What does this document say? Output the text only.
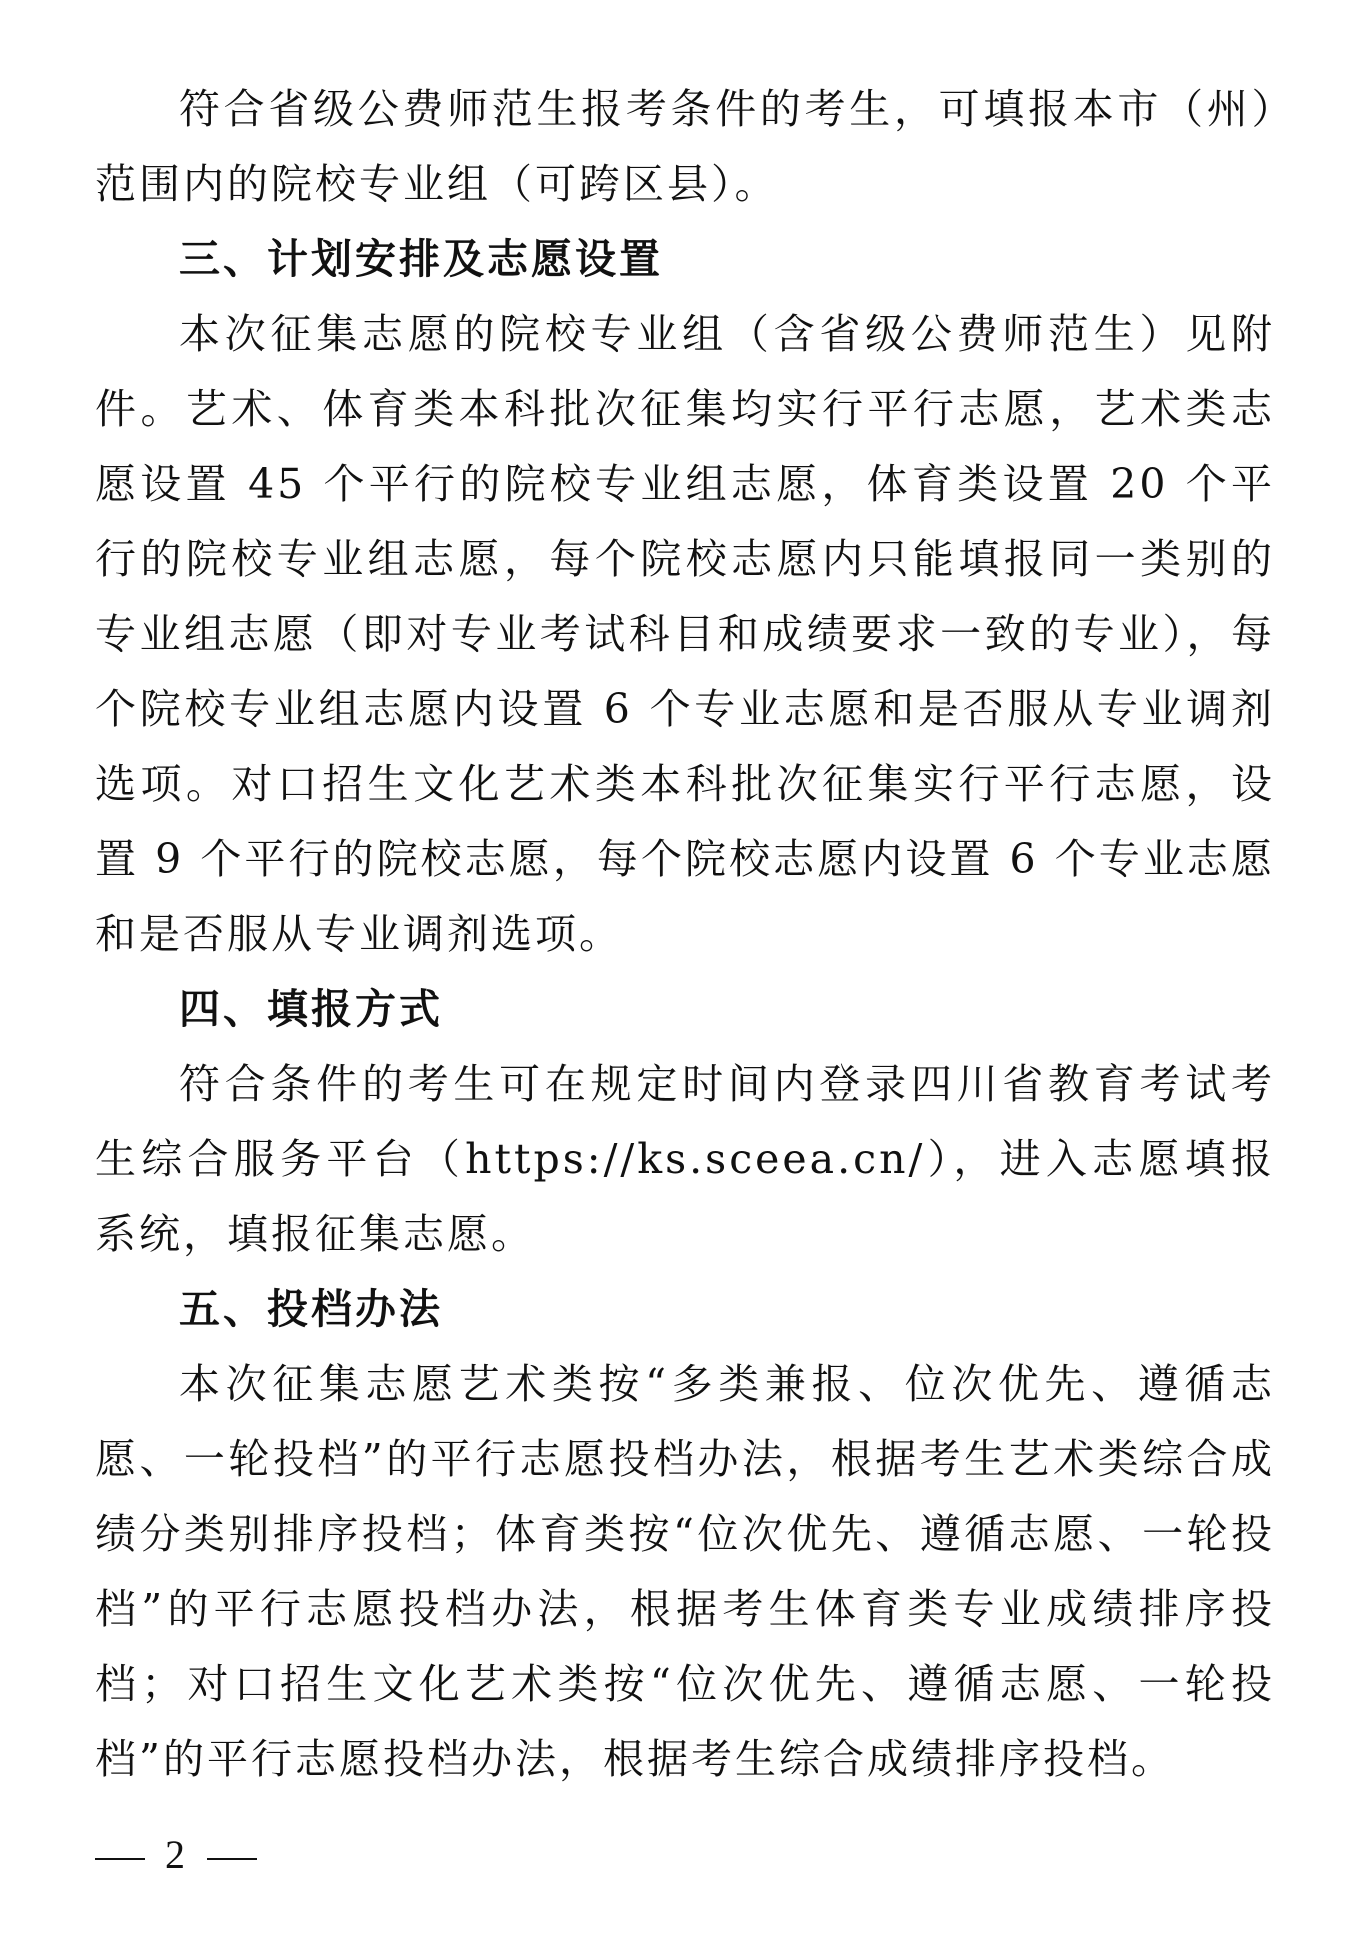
符合省级公费师范生报考条件的考生，可填报本市（州）范围内的院校专业组（可跨区县）。

三、计划安排及志愿设置

本次征集志愿的院校专业组（含省级公费师范生）见附件。艺术、体育类本科批次征集均实行平行志愿，艺术类志愿设置 45 个平行的院校专业组志愿，体育类设置 20 个平行的院校专业组志愿，每个院校志愿内只能填报同一类别的专业组志愿（即对专业考试科目和成绩要求一致的专业），每个院校专业组志愿内设置 6 个专业志愿和是否服从专业调剂选项。对口招生文化艺术类本科批次征集实行平行志愿，设置 9 个平行的院校志愿，每个院校志愿内设置 6 个专业志愿和是否服从专业调剂选项。

四、填报方式

符合条件的考生可在规定时间内登录四川省教育考试考生综合服务平台（https://ks.sceea.cn/），进入志愿填报系统，填报征集志愿。

五、投档办法

本次征集志愿艺术类按“多类兼报、位次优先、遵循志愿、一轮投档”的平行志愿投档办法，根据考生艺术类综合成绩分类别排序投档；体育类按“位次优先、遵循志愿、一轮投档”的平行志愿投档办法，根据考生体育类专业成绩排序投档；对口招生文化艺术类按“位次优先、遵循志愿、一轮投档”的平行志愿投档办法，根据考生综合成绩排序投档。

2
